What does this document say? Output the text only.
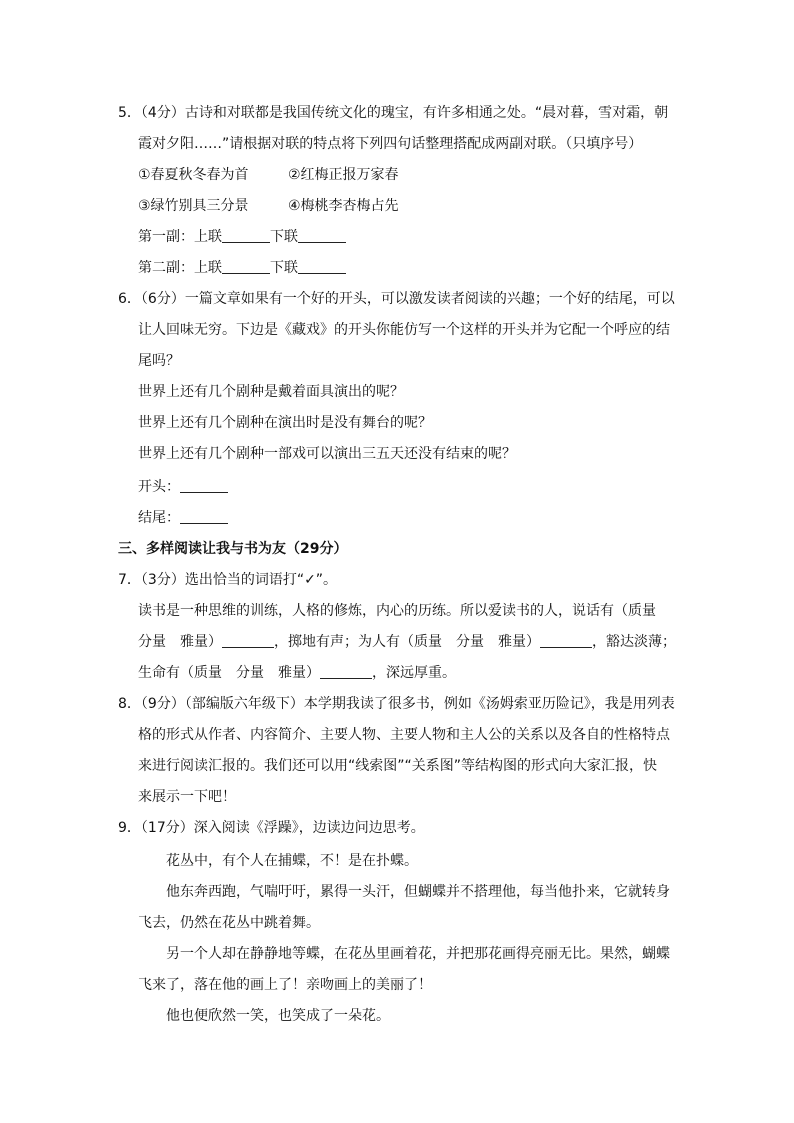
5．（4分）古诗和对联都是我国传统文化的瑰宝，有许多相通之处。“晨对暮，雪对霜，朝
霞对夕阳……”请根据对联的特点将下列四句话整理搭配成两副对联。（只填序号）
①春夏秋冬春为首	②红梅正报万家春
③绿竹别具三分景	④梅桃李杏梅占先
第一副：上联	下联
第二副：上联	下联
6．（6分）一篇文章如果有一个好的开头，可以激发读者阅读的兴趣；一个好的结尾，可以
让人回味无穷。下边是《藏戏》的开头你能仿写一个这样的开头并为它配一个呼应的结
尾吗？
世界上还有几个剧种是戴着面具演出的呢？
世界上还有几个剧种在演出时是没有舞台的呢？
世界上还有几个剧种一部戏可以演出三五天还没有结束的呢？
开头：
结尾：
三、多样阅读让我与书为友（29分）
7．（3分）选出恰当的词语打“✓”。
读书是一种思维的训练，人格的修炼，内心的历练。所以爱读书的人，说话有（质量
分量　雅量）	，掷地有声；为人有（质量　分量　雅量）	，豁达淡薄；
生命有（质量　分量　雅量）	，深远厚重。
8．（9分）（部编版六年级下）本学期我读了很多书，例如《汤姆索亚历险记》，我是用列表
格的形式从作者、内容简介、主要人物、主要人物和主人公的关系以及各自的性格特点
来进行阅读汇报的。我们还可以用“线索图”“关系图”等结构图的形式向大家汇报，快
来展示一下吧！
9．（17分）深入阅读《浮躁》，边读边问边思考。
花丛中，有个人在捕蝶，不！是在扑蝶。
他东奔西跑，气喘吁吁，累得一头汗，但蝴蝶并不搭理他，每当他扑来，它就转身
飞去，仍然在花丛中跳着舞。
另一个人却在静静地等蝶，在花丛里画着花，并把那花画得亮丽无比。果然，蝴蝶
飞来了，落在他的画上了！亲吻画上的美丽了！
他也便欣然一笑，也笑成了一朵花。
